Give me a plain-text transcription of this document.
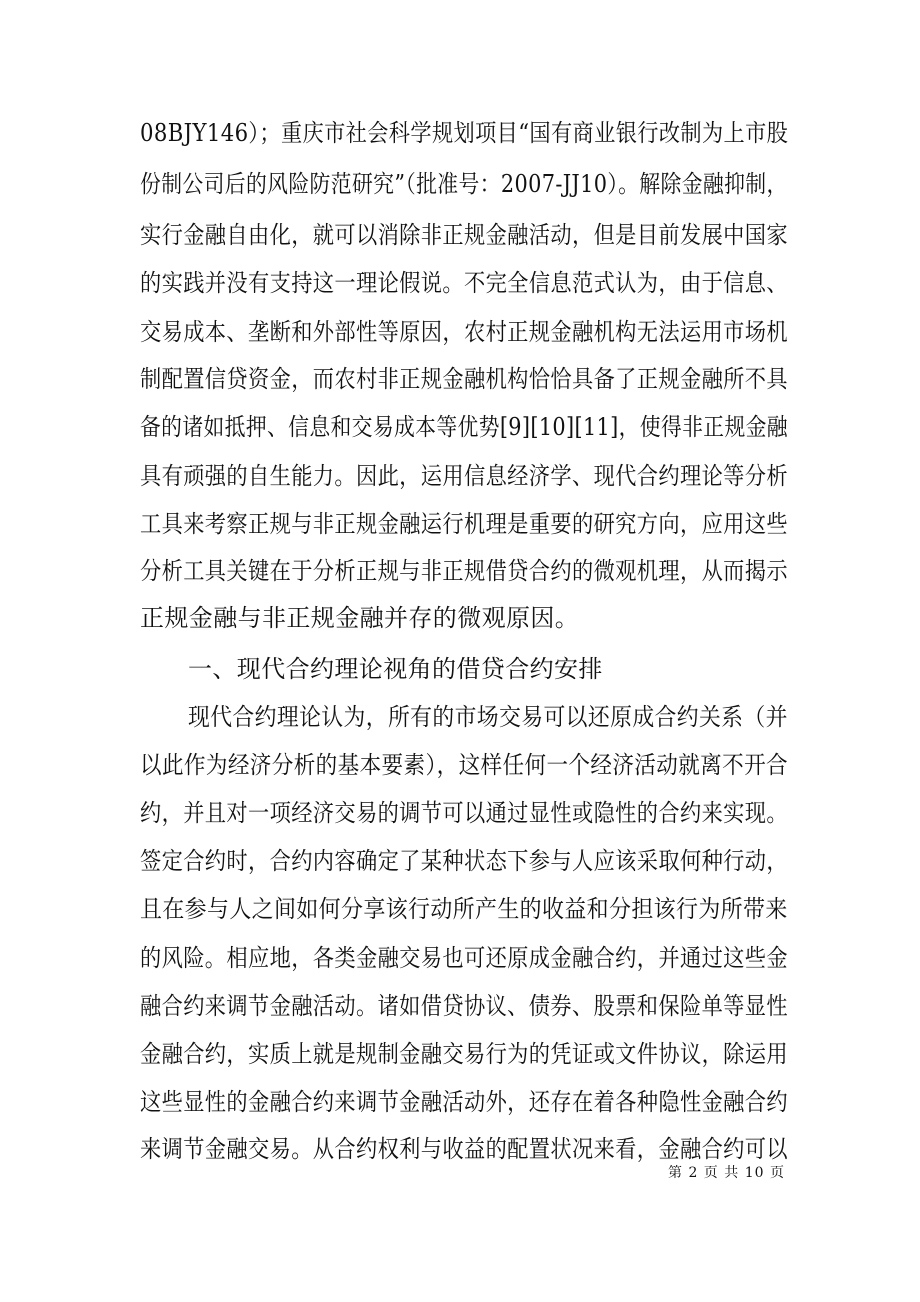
08BJY146）；重庆市社会科学规划项目“国有商业银行改制为上市股
份制公司后的风险防范研究”（批准号：2007-JJ10）。解除金融抑制，
实行金融自由化，就可以消除非正规金融活动，但是目前发展中国家
的实践并没有支持这一理论假说。不完全信息范式认为，由于信息、
交易成本、垄断和外部性等原因，农村正规金融机构无法运用市场机
制配置信贷资金，而农村非正规金融机构恰恰具备了正规金融所不具
备的诸如抵押、信息和交易成本等优势[9][10][11]，使得非正规金融
具有顽强的自生能力。因此，运用信息经济学、现代合约理论等分析
工具来考察正规与非正规金融运行机理是重要的研究方向，应用这些
分析工具关键在于分析正规与非正规借贷合约的微观机理，从而揭示
正规金融与非正规金融并存的微观原因。
一、现代合约理论视角的借贷合约安排
现代合约理论认为，所有的市场交易可以还原成合约关系（并
以此作为经济分析的基本要素），这样任何一个经济活动就离不开合
约，并且对一项经济交易的调节可以通过显性或隐性的合约来实现。
签定合约时，合约内容确定了某种状态下参与人应该采取何种行动，
且在参与人之间如何分享该行动所产生的收益和分担该行为所带来
的风险。相应地，各类金融交易也可还原成金融合约，并通过这些金
融合约来调节金融活动。诸如借贷协议、债券、股票和保险单等显性
金融合约，实质上就是规制金融交易行为的凭证或文件协议，除运用
这些显性的金融合约来调节金融活动外，还存在着各种隐性金融合约
来调节金融交易。从合约权利与收益的配置状况来看，金融合约可以
第 2 页 共 10 页
